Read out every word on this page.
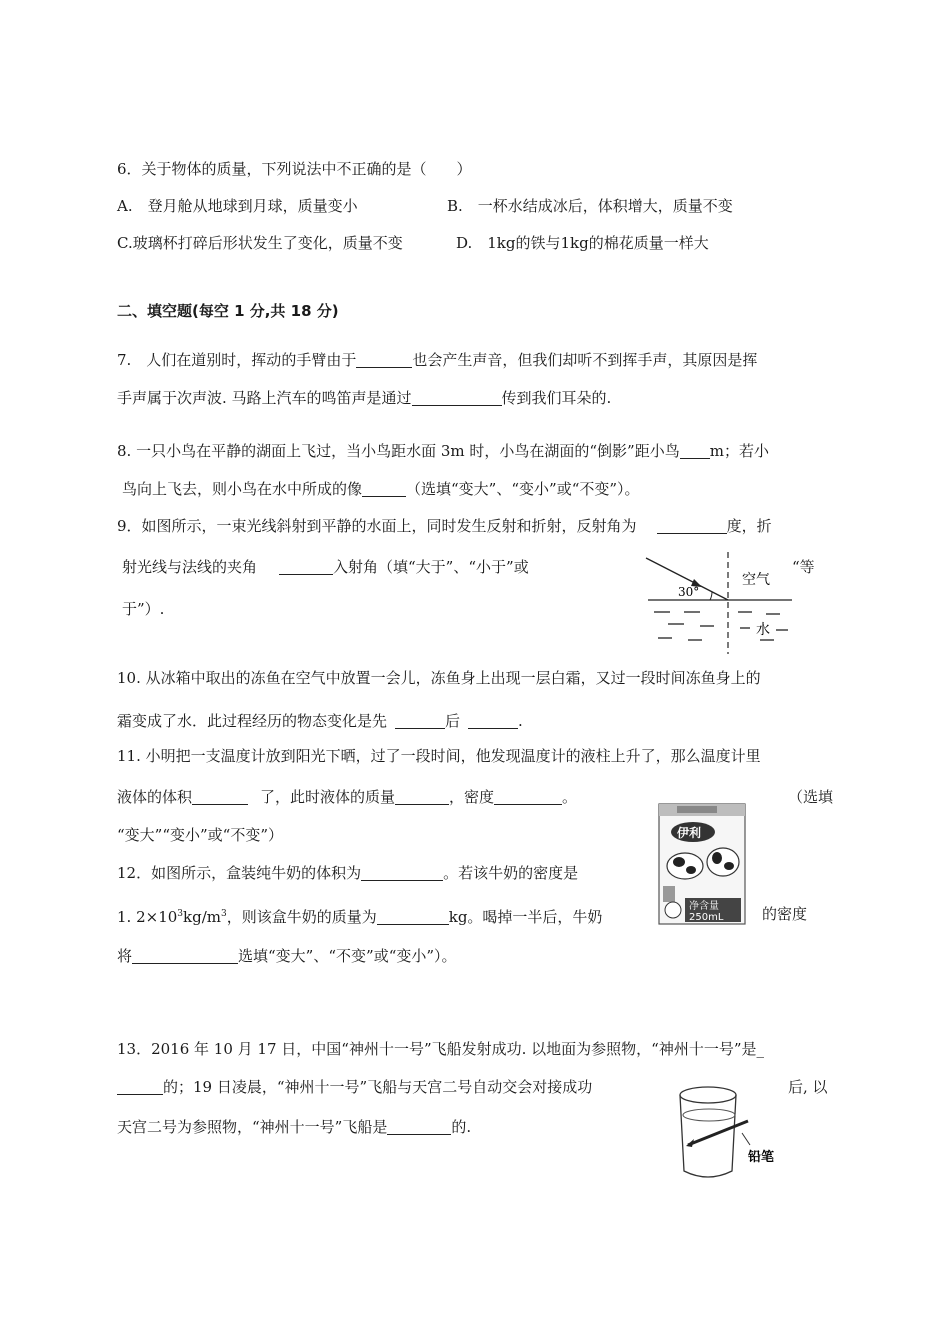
6．关于物体的质量，下列说法中不正确的是（　　）
A.　登月舱从地球到月球，质量变小	B.　一杯水结成冰后，体积增大，质量不变
C.玻璃杯打碎后形状发生了变化，质量不变	D.　1kg的铁与1kg的棉花质量一样大
二、填空题(每空 1 分,共 18 分)
7.　人们在道别时，挥动的手臂由于	也会产生声音，但我们却听不到挥手声，其原因是挥
手声属于次声波. 马路上汽车的鸣笛声是通过	传到我们耳朵的.
8. 一只小鸟在平静的湖面上飞过，当小鸟距水面 3m 时，小鸟在湖面的“倒影”距小鸟 m；若小
鸟向上飞去，则小鸟在水中所成的像	（选填“变大”、“变小”或“不变”）。
9．如图所示，一束光线斜射到平静的水面上，同时发生反射和折射，反射角为	度，折
射光线与法线的夹角	入射角（填“大于”、“小于”或	“等
于”）.
30°
空气
水
10. 从冰箱中取出的冻鱼在空气中放置一会儿，冻鱼身上出现一层白霜，又过一段时间冻鱼身上的
霜变成了水．此过程经历的物态变化是先	后	.
11. 小明把一支温度计放到阳光下晒，过了一段时间，他发现温度计的液柱上升了，那么温度计里
液体的体积	了，此时液体的质量	，密度	。	（选填
“变大”“变小”或“不变”）
12．如图所示，盒装纯牛奶的体积为	。若该牛奶的密度是
1. $2\times 10^3kg/m^3$，则该盒牛奶的质量为	kg。喝掉一半后，牛奶	的密度
将	选填“变大”、“不变”或“变小”）。
伊利
净含量
250mL
13．2016 年 10 月 17 日，中国“神州十一号”飞船发射成功. 以地面为参照物，“神州十一号”是_
的；19 日凌晨，“神州十一号”飞船与天宫二号自动交会对接成功	后, 以
天宫二号为参照物，“神州十一号”飞船是	的.
铅笔
